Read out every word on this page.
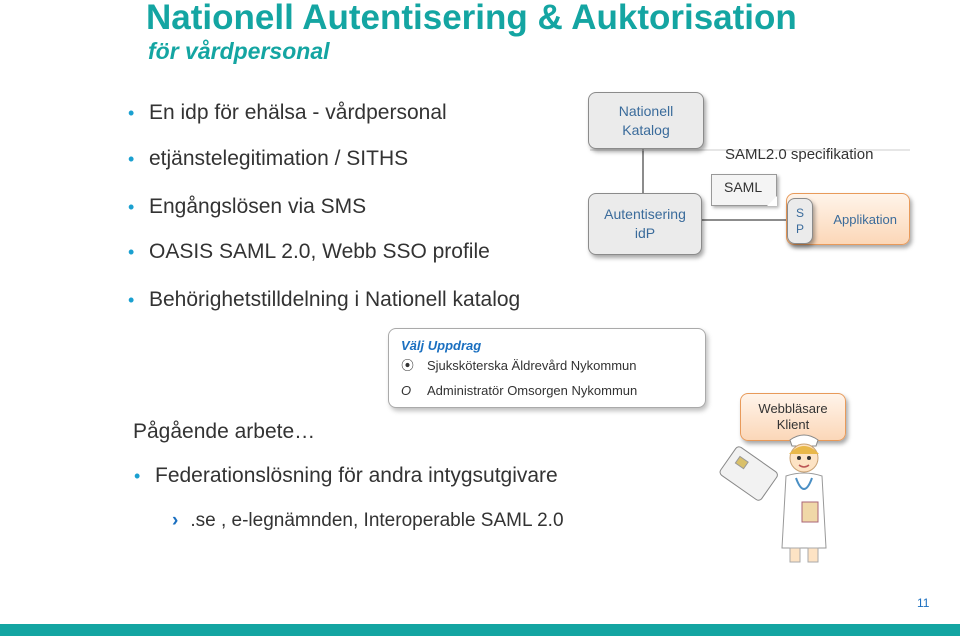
Nationell Autentisering & Auktorisation
för vårdpersonal
• En idp för ehälsa - vårdpersonal
• etjänstelegitimation / SITHS
• Engångslösen via SMS
• OASIS SAML 2.0, Webb SSO profile
• Behörighetstilldelning i Nationell katalog
Nationell
Katalog
Autentisering
idP
SAML2.0 specifikation
SAML
Applikation
S
P
Välj Uppdrag
⦿ Sjuksköterska Äldrevård Nykommun
O Administratör Omsorgen Nykommun
Pågående arbete…
• Federationslösning för andra intygsutgivare
› .se , e-legnämnden, Interoperable SAML 2.0
Webbläsare
Klient
11
